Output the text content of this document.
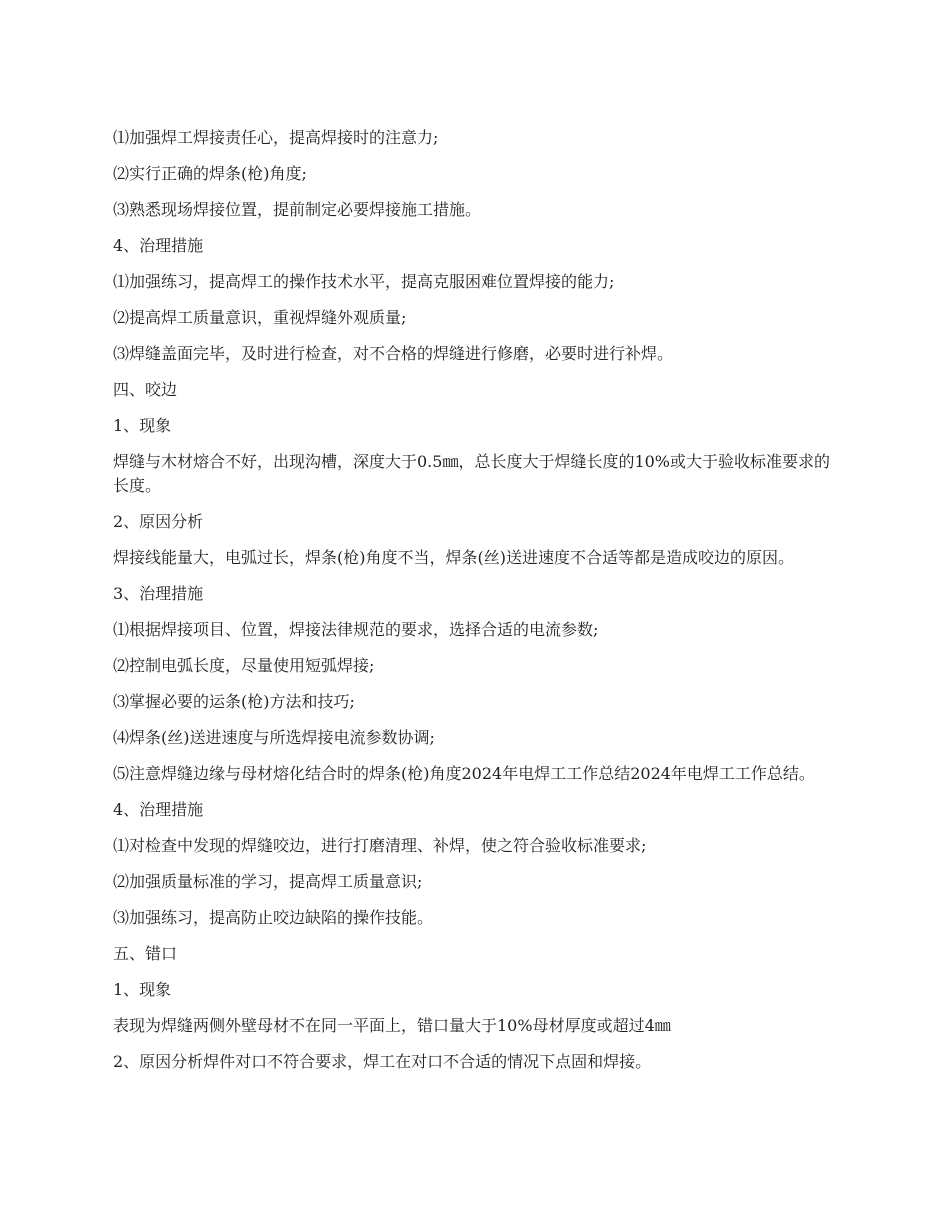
⑴加强焊工焊接责任心，提高焊接时的注意力;

⑵实行正确的焊条(枪)角度;

⑶熟悉现场焊接位置，提前制定必要焊接施工措施。

4、治理措施

⑴加强练习，提高焊工的操作技术水平，提高克服困难位置焊接的能力;

⑵提高焊工质量意识，重视焊缝外观质量;

⑶焊缝盖面完毕，及时进行检查，对不合格的焊缝进行修磨，必要时进行补焊。

四、咬边

1、现象

焊缝与木材熔合不好，出现沟槽，深度大于0.5㎜，总长度大于焊缝长度的10%或大于验收标准要求的长度。

2、原因分析

焊接线能量大，电弧过长，焊条(枪)角度不当，焊条(丝)送进速度不合适等都是造成咬边的原因。

3、治理措施

⑴根据焊接项目、位置，焊接法律规范的要求，选择合适的电流参数;

⑵控制电弧长度，尽量使用短弧焊接;

⑶掌握必要的运条(枪)方法和技巧;

⑷焊条(丝)送进速度与所选焊接电流参数协调;

⑸注意焊缝边缘与母材熔化结合时的焊条(枪)角度2024年电焊工工作总结2024年电焊工工作总结。

4、治理措施

⑴对检查中发现的焊缝咬边，进行打磨清理、补焊，使之符合验收标准要求;

⑵加强质量标准的学习，提高焊工质量意识;

⑶加强练习，提高防止咬边缺陷的操作技能。

五、错口

1、现象

表现为焊缝两侧外壁母材不在同一平面上，错口量大于10%母材厚度或超过4㎜

2、原因分析焊件对口不符合要求，焊工在对口不合适的情况下点固和焊接。
